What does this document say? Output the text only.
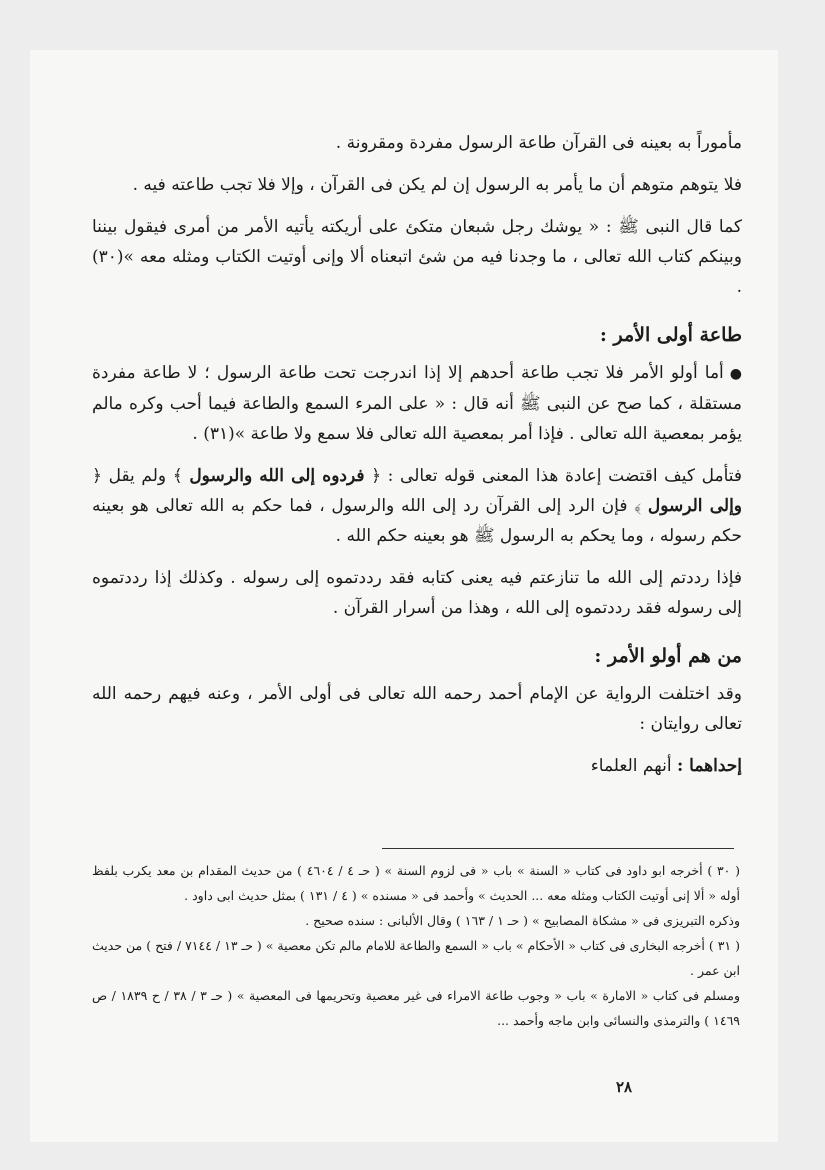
مأموراً به بعينه فى القرآن طاعة الرسول مفردة ومقرونة .

فلا يتوهم متوهم أن ما يأمر به الرسول إن لم يكن فى القرآن ، وإلا فلا تجب طاعته فيه .

كما قال النبى ﷺ : « يوشك رجل شبعان متكئ على أريكته يأتيه الأمر من أمرى فيقول بيننا وبينكم كتاب الله تعالى ، ما وجدنا فيه من شئ اتبعناه ألا وإنى أوتيت الكتاب ومثله معه »(٣٠) .

طاعة أولى الأمر :

●أما أولو الأمر فلا تجب طاعة أحدهم إلا إذا اندرجت تحت طاعة الرسول ؛ لا طاعة مفردة مستقلة ، كما صح عن النبى ﷺ أنه قال : « على المرء السمع والطاعة فيما أحب وكره مالم يؤمر بمعصية الله تعالى . فإذا أمر بمعصية الله تعالى فلا سمع ولا طاعة »(٣١) .

فتأمل كيف اقتضت إعادة هذا المعنى قوله تعالى : ﴿ فردوه إلى الله والرسول ﴾ ولم يقل ﴿ وإلى الرسول ﴾ فإن الرد إلى القرآن رد إلى الله والرسول ، فما حكم به الله تعالى هو بعينه حكم رسوله ، وما يحكم به الرسول ﷺ هو بعينه حكم الله .

فإذا رددتم إلى الله ما تنازعتم فيه يعنى كتابه فقد رددتموه إلى رسوله . وكذلك إذا رددتموه إلى رسوله فقد رددتموه إلى الله ، وهذا من أسرار القرآن .

من هم أولو الأمر :

وقد اختلفت الرواية عن الإمام أحمد رحمه الله تعالى فى أولى الأمر ، وعنه فيهم رحمه الله تعالى روايتان :

إحداهما : أنهم العلماء

( ٣٠ ) أخرجه ابو داود فى كتاب « السنة » باب « فى لزوم السنة » ( حـ ٤ / ٤٦٠٤ ) من حديث المقدام بن معد يكرب بلفظ أوله « ألا إنى أوتيت الكتاب ومثله معه ... الحديث » وأحمد فى « مسنده » ( ٤ / ١٣١ ) بمثل حديث ابى داود .

وذكره التبريزى فى « مشكاة المصابيح » ( حـ ١ / ١٦٣ ) وقال الألبانى : سنده صحيح .

( ٣١ ) أخرجه البخارى فى كتاب « الأحكام » باب « السمع والطاعة للامام مالم تكن معصية » ( حـ ١٣ / ٧١٤٤ / فتح ) من حديث ابن عمر .

ومسلم فى كتاب « الامارة » باب « وجوب طاعة الامراء فى غير معصية وتحريمها فى المعصية » ( حـ ٣ / ٣٨ / ح ١٨٣٩ / ص ١٤٦٩ ) والترمذى والنسائى وابن ماجه وأحمد ...

٢٨
